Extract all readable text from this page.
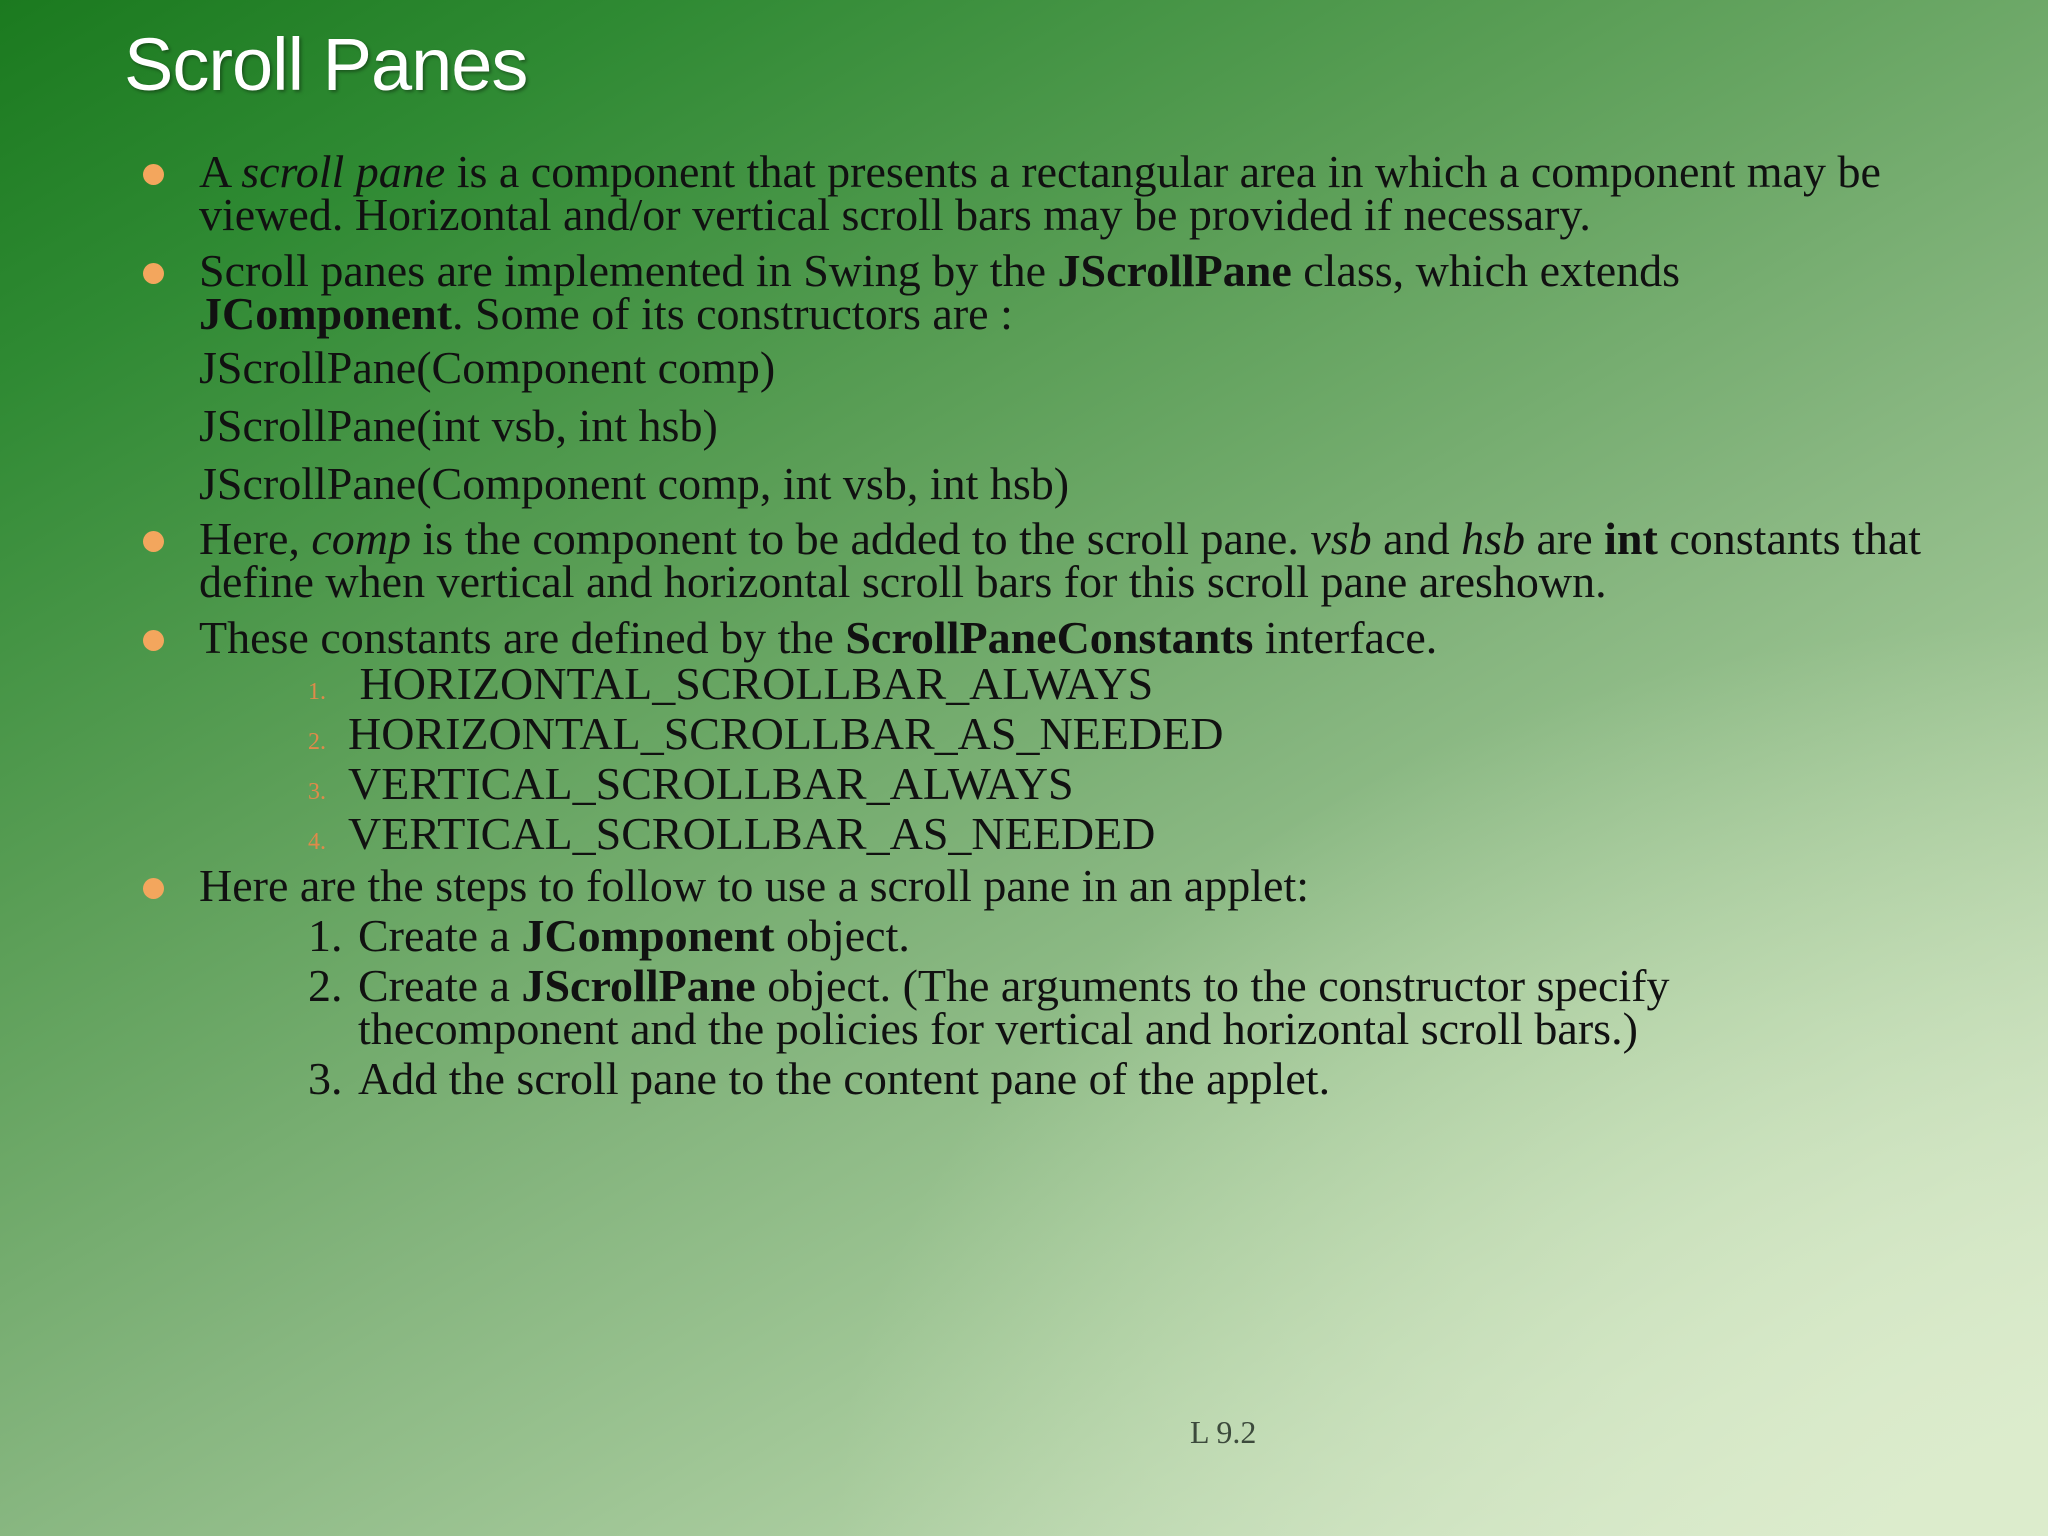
Scroll Panes
A scroll pane is a component that presents a rectangular area in which a component may be viewed. Horizontal and/or vertical scroll bars may be provided if necessary.
Scroll panes are implemented in Swing by the JScrollPane class, which extends JComponent. Some of its constructors are :
JScrollPane(Component comp)
JScrollPane(int vsb, int hsb)
JScrollPane(Component comp, int vsb, int hsb)
Here, comp is the component to be added to the scroll pane. vsb and hsb are int constants that define when vertical and horizontal scroll bars for this scroll pane areshown.
These constants are defined by the ScrollPaneConstants interface.
1. HORIZONTAL_SCROLLBAR_ALWAYS
2. HORIZONTAL_SCROLLBAR_AS_NEEDED
3. VERTICAL_SCROLLBAR_ALWAYS
4. VERTICAL_SCROLLBAR_AS_NEEDED
Here are the steps to follow to use a scroll pane in an applet:
1. Create a JComponent object.
2. Create a JScrollPane object. (The arguments to the constructor specify thecomponent and the policies for vertical and horizontal scroll bars.)
3. Add the scroll pane to the content pane of the applet.
L 9.2
